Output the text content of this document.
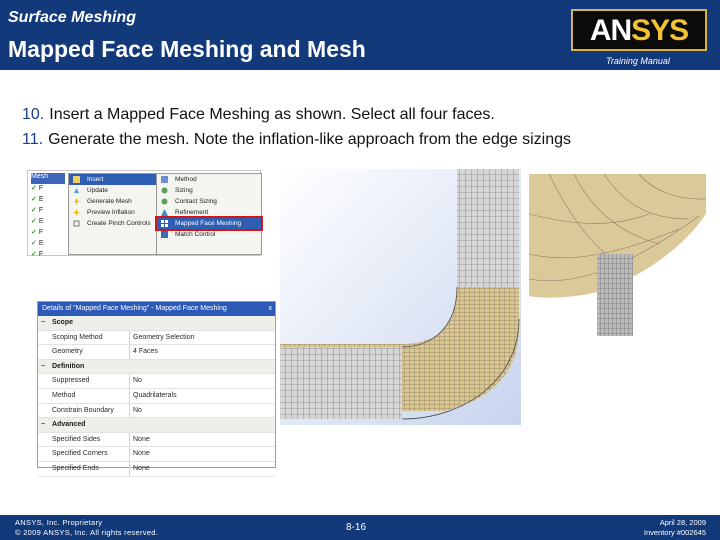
Surface Meshing
Mapped Face Meshing and Mesh
ANSYS
Training Manual
10. Insert a Mapped Face Meshing as shown. Select all four faces.
11. Generate the mesh. Note the inflation-like approach from the edge sizings
Mesh
✓ F
✓ E
✓ F
✓ E
✓ F
✓ E
✓ F
Insert
Update
Generate Mesh
Preview Inflation
Create Pinch Controls
Method
Sizing
Contact Sizing
Refinement
Mapped Face Meshing
Match Control
Details of "Mapped Face Meshing" - Mapped Face Meshing	x
− Scope
Scoping Method	Geometry Selection
Geometry	4 Faces
− Definition
Suppressed	No
Method	Quadrilaterals
Constrain Boundary	No
− Advanced
Specified Sides	None
Specified Corners	None
Specified Ends	None
ANSYS, Inc. Proprietary
© 2009 ANSYS, Inc. All rights reserved.	8-16	April 28, 2009
Inventory #002645
